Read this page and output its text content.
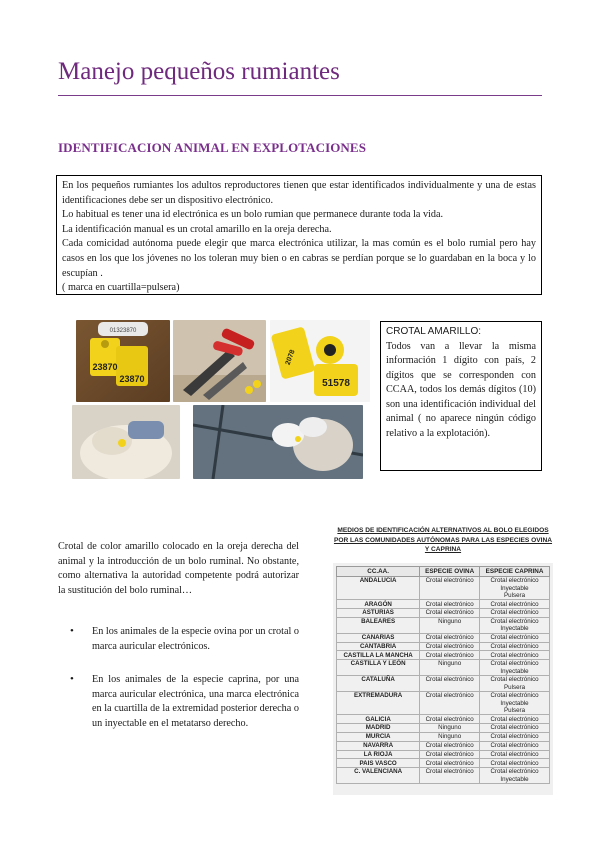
Manejo pequeños rumiantes
IDENTIFICACION ANIMAL EN EXPLOTACIONES

En los pequeños rumiantes los adultos reproductores tienen que estar identificados individualmente y una de estas identificaciones debe ser un dispositivo electrónico.

Lo habitual es tener una id electrónica es un bolo rumian que permanece durante toda la vida.

La identificación manual es un crotal amarillo en la oreja derecha.

Cada comicidad autónoma puede elegir que marca electrónica utilizar, la mas común es el bolo rumial pero hay casos en los que los jóvenes no los toleran muy bien o en cabras se perdían porque se lo guardaban en la boca y lo escupían .

( marca en cuartilla=pulsera)

01323870
23870
23870
2078
51578

CROTAL AMARILLO:

Todos van a llevar la misma información 1 dígito con país, 2 dígitos que se corresponden con CCAA, todos los demás dígitos (10) son una identificación individual del animal ( no aparece ningún código relativo a la explotación).

Crotal de color amarillo colocado en la oreja derecha del animal y la introducción de un bolo ruminal. No obstante, como alternativa la autoridad competente podrá autorizar la sustitución del bolo ruminal…
• En los animales de la especie ovina por un crotal o marca auricular electrónicos.
• En los animales de la especie caprina, por una marca auricular electrónica, una marca electrónica en la cuartilla de la extremidad posterior derecha o un inyectable en el metatarso derecho.
MEDIOS DE IDENTIFICACIÓN ALTERNATIVOS AL BOLO ELEGIDOS POR LAS COMUNIDADES AUTÓNOMAS PARA LAS ESPECIES OVINA Y CAPRINA
CC.AA.	ESPECIE OVINA	ESPECIE CAPRINA
ANDALUCIA	Crotal electrónico	Crotal electrónico
Inyectable
Pulsera
ARAGÓN	Crotal electrónico	Crotal electrónico
ASTURIAS	Crotal electrónico	Crotal electrónico
BALEARES	Ninguno	Crotal electrónico
Inyectable
CANARIAS	Crotal electrónico	Crotal electrónico
CANTABRIA	Crotal electrónico	Crotal electrónico
CASTILLA LA MANCHA	Crotal electrónico	Crotal electrónico
CASTILLA Y LEÓN	Ninguno	Crotal electrónico
Inyectable
CATALUÑA	Crotal electrónico	Crotal electrónico
Pulsera
EXTREMADURA	Crotal electrónico	Crotal electrónico
Inyectable
Pulsera
GALICIA	Crotal electrónico	Crotal electrónico
MADRID	Ninguno	Crotal electrónico
MURCIA	Ninguno	Crotal electrónico
NAVARRA	Crotal electrónico	Crotal electrónico
LA RIOJA	Crotal electrónico	Crotal electrónico
PAIS VASCO	Crotal electrónico	Crotal electrónico
C. VALENCIANA	Crotal electrónico	Crotal electrónico
Inyectable
